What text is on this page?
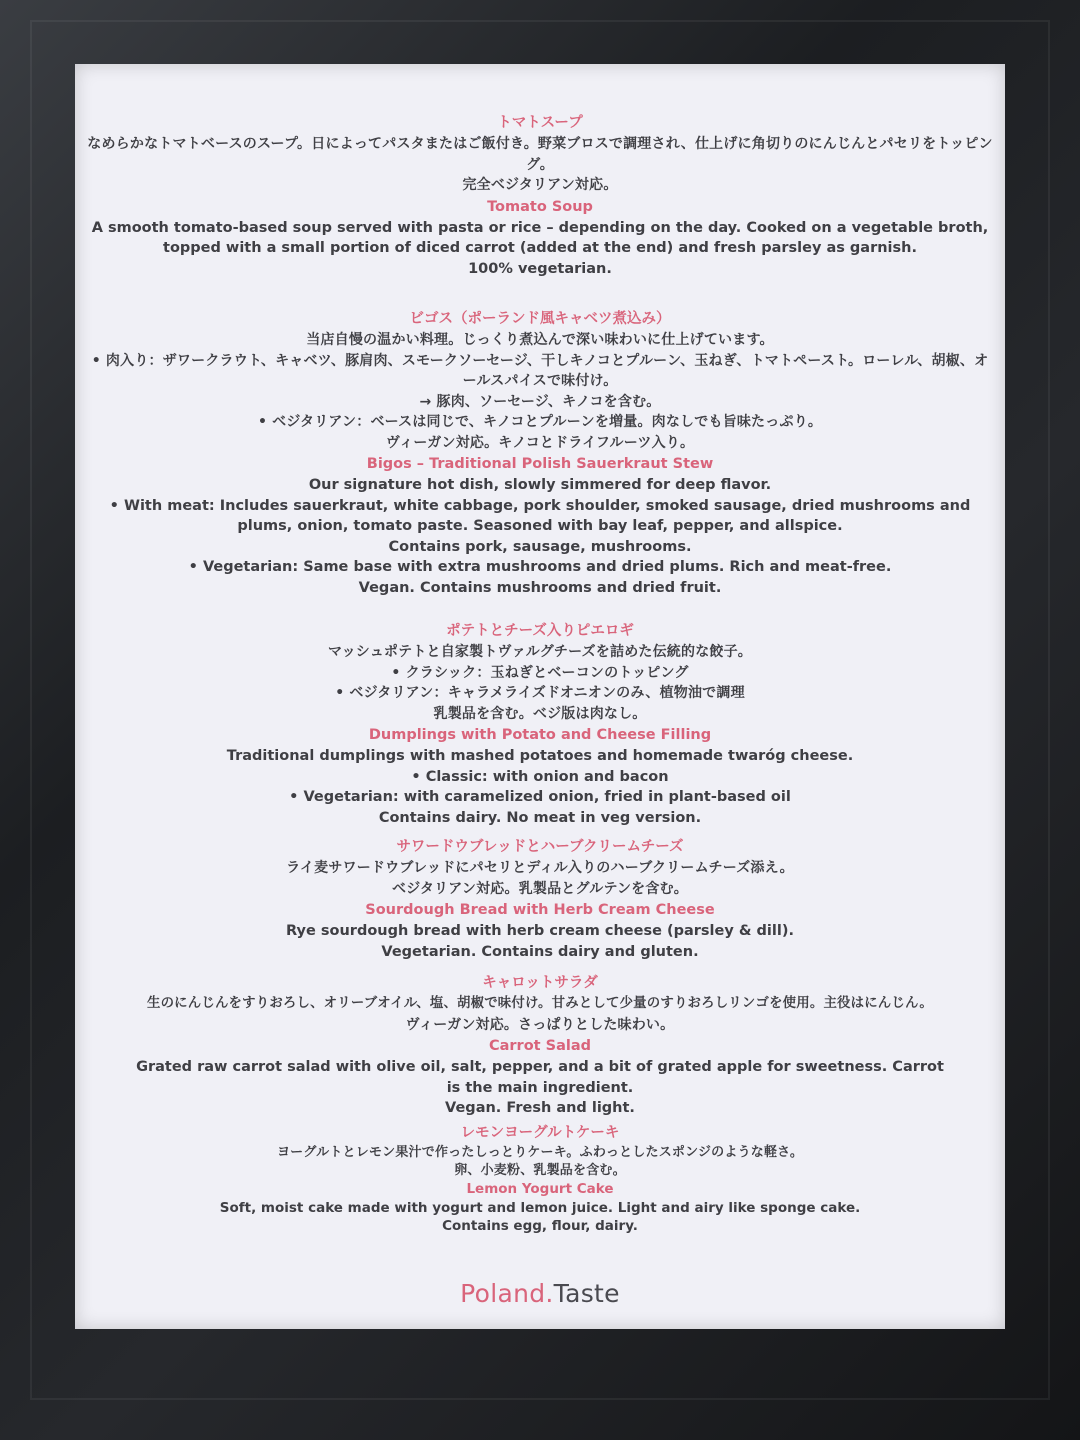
トマトスープ

なめらかなトマトベースのスープ。日によってパスタまたはご飯付き。野菜ブロスで調理され、仕上げに角切りのにんじんとパセリをトッピング。

完全ベジタリアン対応。

Tomato Soup

A smooth tomato-based soup served with pasta or rice – depending on the day. Cooked on a vegetable broth, topped with a small portion of diced carrot (added at the end) and fresh parsley as garnish.

100% vegetarian.

ビゴス（ポーランド風キャベツ煮込み）

当店自慢の温かい料理。じっくり煮込んで深い味わいに仕上げています。

• 肉入り：ザワークラウト、キャベツ、豚肩肉、スモークソーセージ、干しキノコとプルーン、玉ねぎ、トマトペースト。ローレル、胡椒、オールスパイスで味付け。

→ 豚肉、ソーセージ、キノコを含む。

• ベジタリアン：ベースは同じで、キノコとプルーンを増量。肉なしでも旨味たっぷり。

ヴィーガン対応。キノコとドライフルーツ入り。

Bigos – Traditional Polish Sauerkraut Stew

Our signature hot dish, slowly simmered for deep flavor.

• With meat: Includes sauerkraut, white cabbage, pork shoulder, smoked sausage, dried mushrooms and plums, onion, tomato paste. Seasoned with bay leaf, pepper, and allspice.

Contains pork, sausage, mushrooms.

• Vegetarian: Same base with extra mushrooms and dried plums. Rich and meat-free.

Vegan. Contains mushrooms and dried fruit.

ポテトとチーズ入りピエロギ

マッシュポテトと自家製トヴァルグチーズを詰めた伝統的な餃子。

• クラシック：玉ねぎとベーコンのトッピング

• ベジタリアン：キャラメライズドオニオンのみ、植物油で調理

乳製品を含む。ベジ版は肉なし。

Dumplings with Potato and Cheese Filling

Traditional dumplings with mashed potatoes and homemade twaróg cheese.

• Classic: with onion and bacon

• Vegetarian: with caramelized onion, fried in plant-based oil

Contains dairy. No meat in veg version.

サワードウブレッドとハーブクリームチーズ

ライ麦サワードウブレッドにパセリとディル入りのハーブクリームチーズ添え。

ベジタリアン対応。乳製品とグルテンを含む。

Sourdough Bread with Herb Cream Cheese

Rye sourdough bread with herb cream cheese (parsley & dill).

Vegetarian. Contains dairy and gluten.

キャロットサラダ

生のにんじんをすりおろし、オリーブオイル、塩、胡椒で味付け。甘みとして少量のすりおろしリンゴを使用。主役はにんじん。

ヴィーガン対応。さっぱりとした味わい。

Carrot Salad

Grated raw carrot salad with olive oil, salt, pepper, and a bit of grated apple for sweetness. Carrot is the main ingredient.

Vegan. Fresh and light.

レモンヨーグルトケーキ

ヨーグルトとレモン果汁で作ったしっとりケーキ。ふわっとしたスポンジのような軽さ。

卵、小麦粉、乳製品を含む。

Lemon Yogurt Cake

Soft, moist cake made with yogurt and lemon juice. Light and airy like sponge cake.

Contains egg, flour, dairy.

Poland.Taste
